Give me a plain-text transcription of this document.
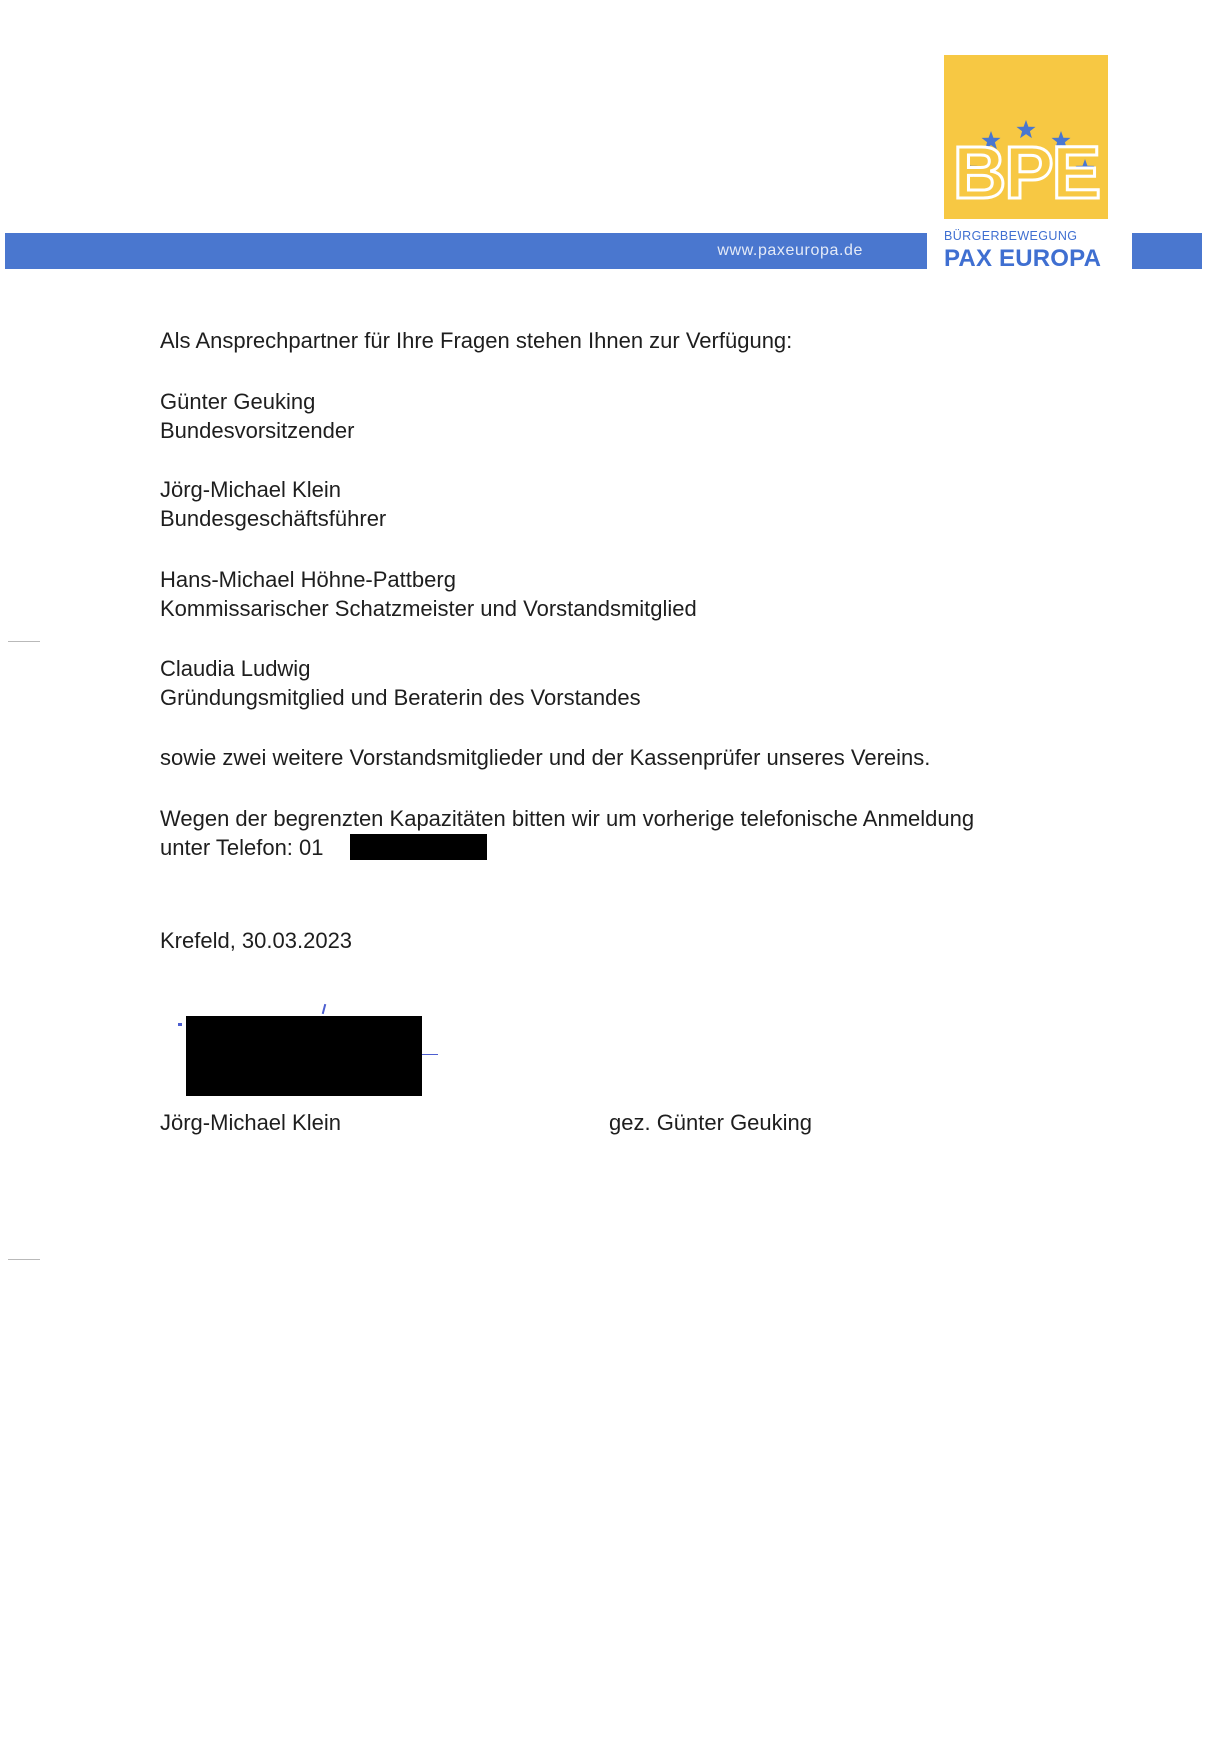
www.paxeuropa.de
BPE
BÜRGERBEWEGUNG
PAX EUROPA
Als Ansprechpartner für Ihre Fragen stehen Ihnen zur Verfügung:
Günter Geuking
Bundesvorsitzender
Jörg-Michael Klein
Bundesgeschäftsführer
Hans-Michael Höhne-Pattberg
Kommissarischer Schatzmeister und Vorstandsmitglied
Claudia Ludwig
Gründungsmitglied und Beraterin des Vorstandes
sowie zwei weitere Vorstandsmitglieder und der Kassenprüfer unseres Vereins.
Wegen der begrenzten Kapazitäten bitten wir um vorherige telefonische Anmeldung
unter Telefon: 01
Krefeld, 30.03.2023
Jörg-Michael Klein	gez. Günter Geuking
